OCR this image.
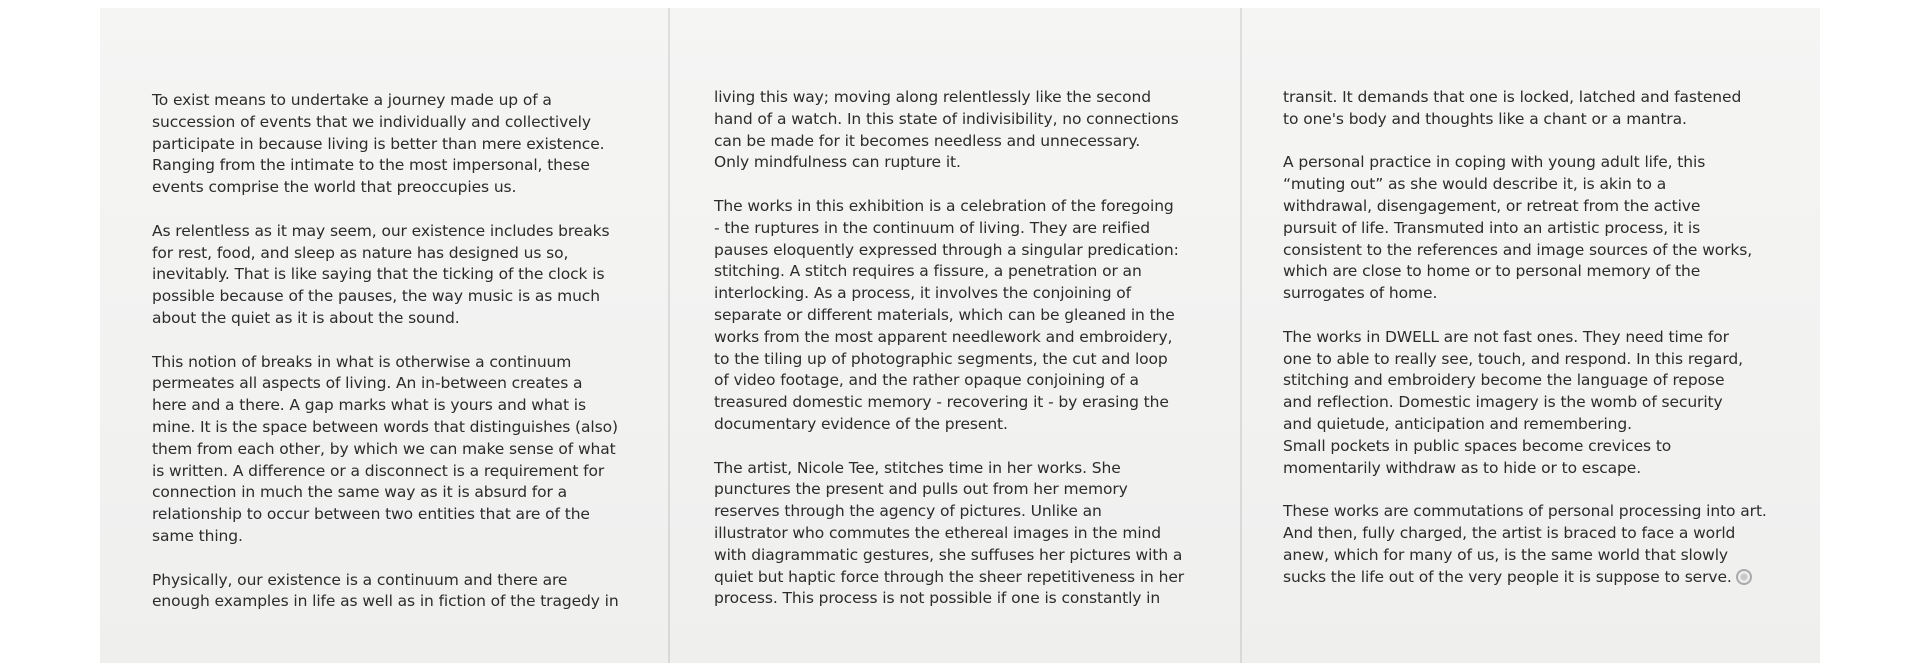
To exist means to undertake a journey made up of a
succession of events that we individually and collectively
participate in because living is better than mere existence.
Ranging from the intimate to the most impersonal, these
events comprise the world that preoccupies us.

As relentless as it may seem, our existence includes breaks
for rest, food, and sleep as nature has designed us so,
inevitably. That is like saying that the ticking of the clock is
possible because of the pauses, the way music is as much
about the quiet as it is about the sound.

This notion of breaks in what is otherwise a continuum
permeates all aspects of living. An in-between creates a
here and a there. A gap marks what is yours and what is
mine. It is the space between words that distinguishes (also)
them from each other, by which we can make sense of what
is written. A difference or a disconnect is a requirement for
connection in much the same way as it is absurd for a
relationship to occur between two entities that are of the
same thing.

Physically, our existence is a continuum and there are
enough examples in life as well as in fiction of the tragedy in

living this way; moving along relentlessly like the second
hand of a watch. In this state of indivisibility, no connections
can be made for it becomes needless and unnecessary.
Only mindfulness can rupture it.

The works in this exhibition is a celebration of the foregoing
- the ruptures in the continuum of living. They are reified
pauses eloquently expressed through a singular predication:
stitching. A stitch requires a fissure, a penetration or an
interlocking. As a process, it involves the conjoining of
separate or different materials, which can be gleaned in the
works from the most apparent needlework and embroidery,
to the tiling up of photographic segments, the cut and loop
of video footage, and the rather opaque conjoining of a
treasured domestic memory - recovering it - by erasing the
documentary evidence of the present.

The artist, Nicole Tee, stitches time in her works. She
punctures the present and pulls out from her memory
reserves through the agency of pictures. Unlike an
illustrator who commutes the ethereal images in the mind
with diagrammatic gestures, she suffuses her pictures with a
quiet but haptic force through the sheer repetitiveness in her
process. This process is not possible if one is constantly in

transit. It demands that one is locked, latched and fastened
to one's body and thoughts like a chant or a mantra.

A personal practice in coping with young adult life, this
“muting out” as she would describe it, is akin to a
withdrawal, disengagement, or retreat from the active
pursuit of life. Transmuted into an artistic process, it is
consistent to the references and image sources of the works,
which are close to home or to personal memory of the
surrogates of home.

The works in DWELL are not fast ones. They need time for
one to able to really see, touch, and respond. In this regard,
stitching and embroidery become the language of repose
and reflection. Domestic imagery is the womb of security
and quietude, anticipation and remembering.
Small pockets in public spaces become crevices to
momentarily withdraw as to hide or to escape.

These works are commutations of personal processing into art.
And then, fully charged, the artist is braced to face a world
anew, which for many of us, is the same world that slowly
sucks the life out of the very people it is suppose to serve.
